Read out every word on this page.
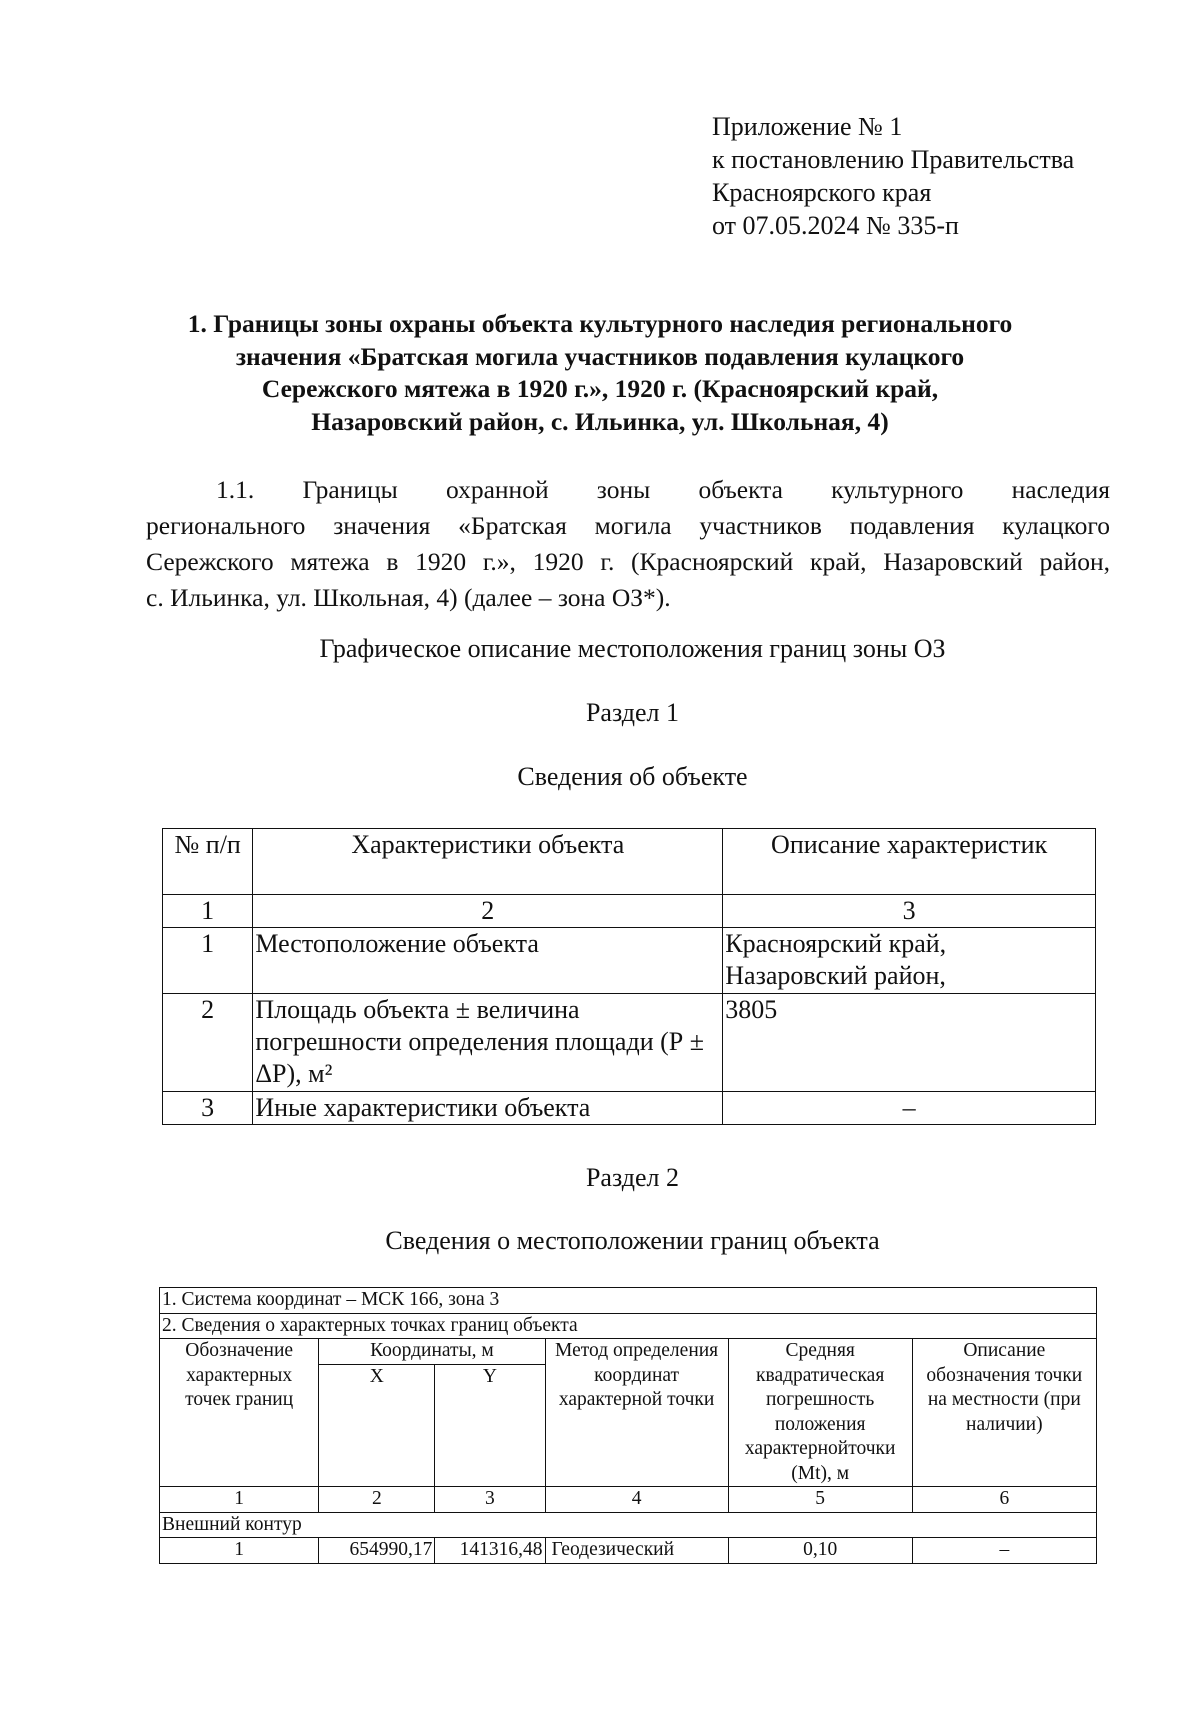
Приложение № 1
к постановлению Правительства
Красноярского края
от 07.05.2024 № 335-п
1. Границы зоны охраны объекта культурного наследия регионального
значения «Братская могила участников подавления кулацкого
Сережского мятежа в 1920 г.», 1920 г. (Красноярский край,
Назаровский район, с. Ильинка, ул. Школьная, 4)
1.1. Границы охранной зоны объекта культурного наследия
регионального значения «Братская могила участников подавления кулацкого
Сережского мятежа в 1920 г.», 1920 г. (Красноярский край, Назаровский район,
с. Ильинка, ул. Школьная, 4) (далее – зона ОЗ*).
Графическое описание местоположения границ зоны ОЗ
Раздел 1
Сведения об объекте
№ п/п	Характеристики объекта	Описание характеристик
1	2	3
1	Местоположение объекта	Красноярский край, Назаровский район,
2	Площадь объекта ± величина погрешности определения площади (Р ± ΔР), м²	3805
3	Иные характеристики объекта	–
Раздел 2
Сведения о местоположении границ объекта
1. Система координат – МСК 166, зона 3					
2. Сведения о характерных точках границ объекта					
Обозначение характерных точек границ	Координаты, м		Метод определения координат характерной точки	Средняя квадратическая погрешность положения характернойточки (Mt), м	Описание обозначения точки на местности (при наличии)
	X	Y			
1	2	3	4	5	6
Внешний контур					
1	654990,17	141316,48	Геодезический	0,10	–
